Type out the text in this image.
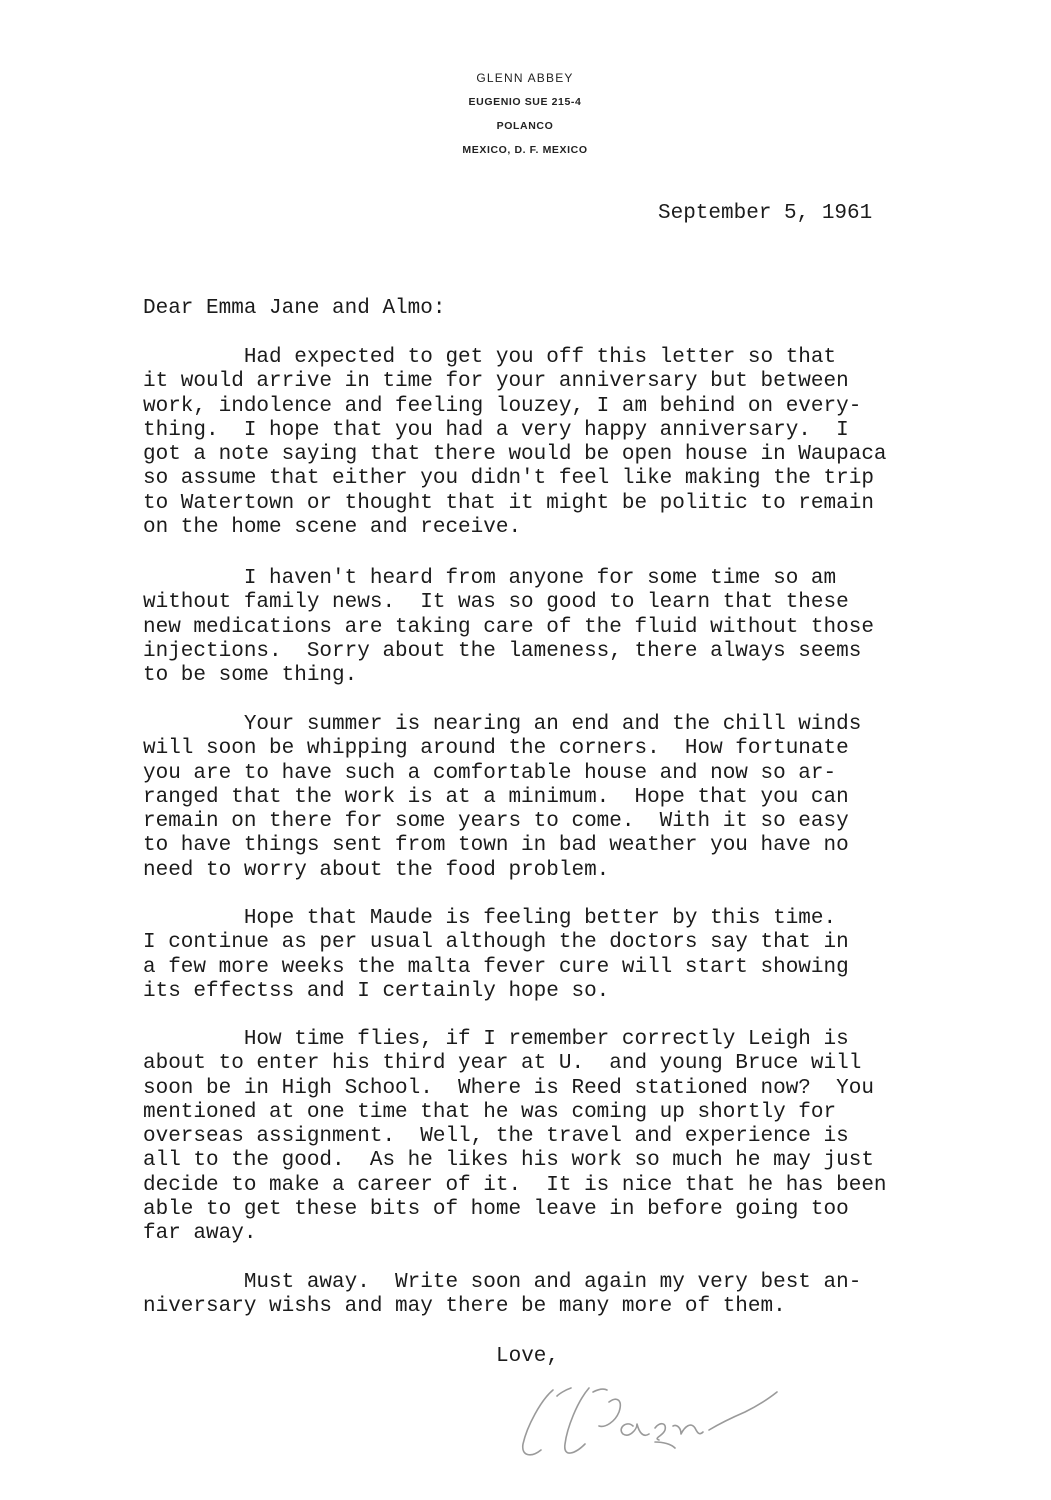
GLENN ABBEY
EUGENIO SUE 215-4
POLANCO
MEXICO, D. F. MEXICO
September 5, 1961
Dear Emma Jane and Almo:
Had expected to get you off this letter so that
it would arrive in time for your anniversary but between
work, indolence and feeling louzey, I am behind on every-
thing.  I hope that you had a very happy anniversary.  I
got a note saying that there would be open house in Waupaca
so assume that either you didn't feel like making the trip
to Watertown or thought that it might be politic to remain
on the home scene and receive.
I haven't heard from anyone for some time so am
without family news.  It was so good to learn that these
new medications are taking care of the fluid without those
injections.  Sorry about the lameness, there always seems
to be some thing.
Your summer is nearing an end and the chill winds
will soon be whipping around the corners.  How fortunate
you are to have such a comfortable house and now so ar-
ranged that the work is at a minimum.  Hope that you can
remain on there for some years to come.  With it so easy
to have things sent from town in bad weather you have no
need to worry about the food problem.
Hope that Maude is feeling better by this time.
I continue as per usual although the doctors say that in
a few more weeks the malta fever cure will start showing
its effectss and I certainly hope so.
How time flies, if I remember correctly Leigh is
about to enter his third year at U.  and young Bruce will
soon be in High School.  Where is Reed stationed now?  You
mentioned at one time that he was coming up shortly for
overseas assignment.  Well, the travel and experience is
all to the good.  As he likes his work so much he may just
decide to make a career of it.  It is nice that he has been
able to get these bits of home leave in before going too
far away.
Must away.  Write soon and again my very best an-
niversary wishs and may there be many more of them.
Love,
